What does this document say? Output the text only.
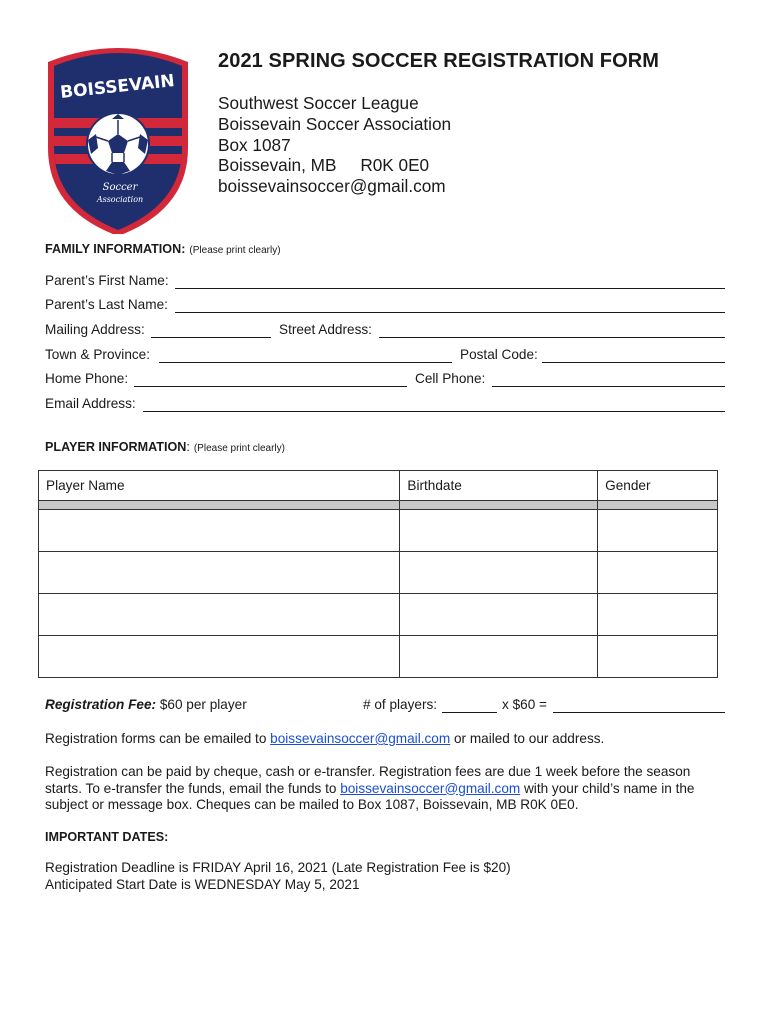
BOISSEVAIN
Soccer
Association
2021 SPRING SOCCER REGISTRATION FORM
Southwest Soccer League
Boissevain Soccer Association
Box 1087
Boissevain, MB     R0K 0E0
boissevainsoccer@gmail.com
FAMILY INFORMATION: (Please print clearly)
Parent’s First Name:
Parent’s Last Name:
Mailing Address:	Street Address:
Town & Province:	Postal Code:
Home Phone:	Cell Phone:
Email Address:
PLAYER INFORMATION: (Please print clearly)
Player Name	Birthdate	Gender

Registration Fee: $60 per player	# of players:	x $60 =
Registration forms can be emailed to boissevainsoccer@gmail.com or mailed to our address.
Registration can be paid by cheque, cash or e-transfer. Registration fees are due 1 week before the season starts. To e-transfer the funds, email the funds to boissevainsoccer@gmail.com with your child’s name in the subject or message box. Cheques can be mailed to Box 1087, Boissevain, MB R0K 0E0.
IMPORTANT DATES:
Registration Deadline is FRIDAY April 16, 2021 (Late Registration Fee is $20)
Anticipated Start Date is WEDNESDAY May 5, 2021
